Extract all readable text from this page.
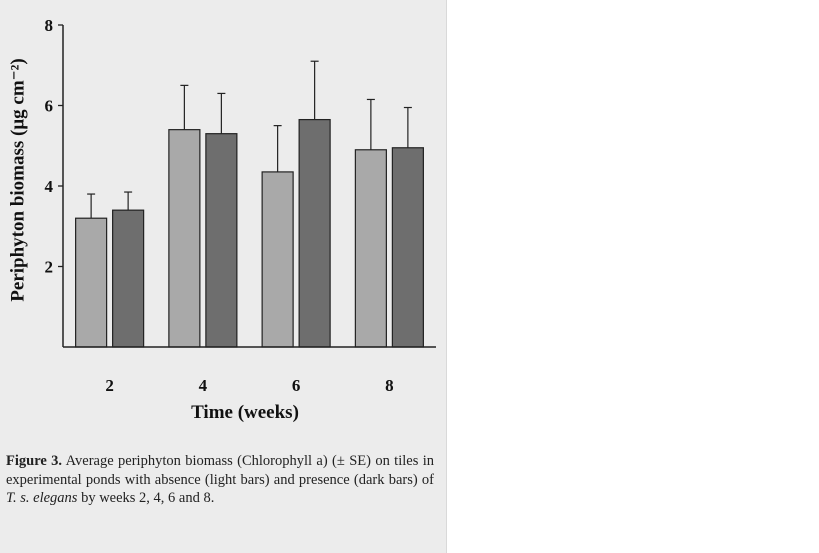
2	4	6	8
2
4
6
8
Periphyton biomass (μg cm⁻²)
Time (weeks)
Figure 3. Average periphyton biomass (Chlorophyll a) (± SE) on tiles in experimental ponds with absence (light bars) and presence (dark bars) of T. s. elegans by weeks 2, 4, 6 and 8.
